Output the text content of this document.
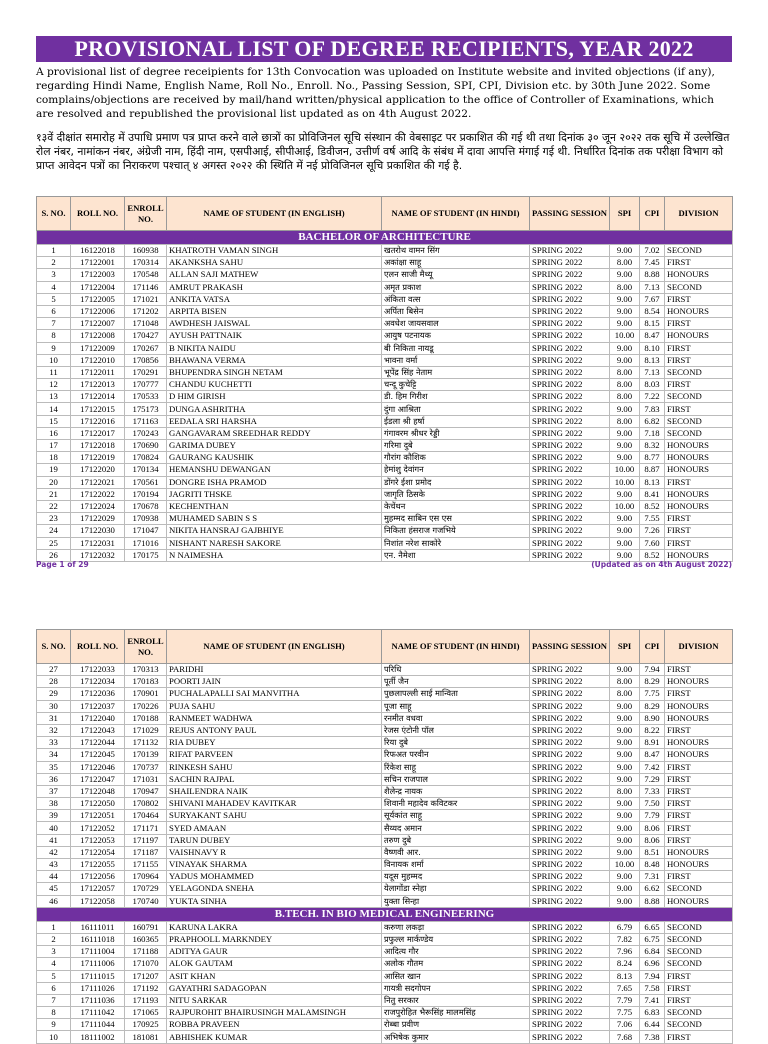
PROVISIONAL LIST OF DEGREE RECIPIENTS, YEAR 2022
A provisional list of degree receipients for 13th Convocation was uploaded on Institute website and invited objections (if any), regarding Hindi Name, English Name, Roll No., Enroll. No., Passing Session, SPI, CPI, Division etc. by 30th June 2022. Some complains/objections are received by mail/hand written/physical application to the office of Controller of Examinations, which are resolved and republished the provisional list updated as on 4th August 2022.
१३वें दीक्षांत समारोह में उपाधि प्रमाण पत्र प्राप्त करने वाले छात्रों का प्रोविजिनल सूचि संस्थान की वेबसाइट पर प्रकाशित की गई थी तथा दिनांक ३० जून २०२२ तक सूचि में उल्लेखित रोल नंबर, नामांकन नंबर, अंग्रेजी नाम, हिंदी नाम, एसपीआई, सीपीआई, डिवीजन, उत्तीर्ण वर्ष आदि के संबंध में दावा आपत्ति मंगाई गई थी. निर्धारित दिनांक तक परीक्षा विभाग को प्राप्त आवेदन पत्रों का निराकरण पश्चात् ४ अगस्त २०२२ की स्थिति में नई प्रोविजिनल सूचि प्रकाशित की गई है.
S. NO.	ROLL NO.	ENROLL NO.	NAME OF STUDENT (IN ENGLISH)	NAME OF STUDENT (IN HINDI)	PASSING SESSION	SPI	CPI	DIVISION
BACHELOR OF ARCHITECTURE								
1	16122018	160938	KHATROTH VAMAN SINGH	खतरोथ वामन सिंग	SPRING 2022	9.00	7.02	SECOND
2	17122001	170314	AKANKSHA SAHU	अकांक्षा साहू	SPRING 2022	8.00	7.45	FIRST
3	17122003	170548	ALLAN SAJI MATHEW	एलन साजी मैथ्यू	SPRING 2022	9.00	8.88	HONOURS
4	17122004	171146	AMRUT PRAKASH	अमृत प्रकाश	SPRING 2022	8.00	7.13	SECOND
5	17122005	171021	ANKITA VATSA	अंकिता वत्स	SPRING 2022	9.00	7.67	FIRST
6	17122006	171202	ARPITA BISEN	अर्पिता बिसेन	SPRING 2022	9.00	8.54	HONOURS
7	17122007	171048	AWDHESH JAISWAL	अवधेश जायसवाल	SPRING 2022	9.00	8.15	FIRST
8	17122008	170427	AYUSH PATTNAIK	आयुष पटनायक	SPRING 2022	10.00	8.47	HONOURS
9	17122009	170267	B NIKITA NAIDU	बी निकिता नायडू	SPRING 2022	9.00	8.10	FIRST
10	17122010	170856	BHAWANA VERMA	भावना वर्मा	SPRING 2022	9.00	8.13	FIRST
11	17122011	170291	BHUPENDRA SINGH NETAM	भूपेंद्र सिंह नेताम	SPRING 2022	8.00	7.13	SECOND
12	17122013	170777	CHANDU KUCHETTI	चन्दू कुचेट्टि	SPRING 2022	8.00	8.03	FIRST
13	17122014	170533	D HIM GIRISH	डी. हिम गिरीश	SPRING 2022	8.00	7.22	SECOND
14	17122015	175173	DUNGA ASHRITHA	दुंगा आश्रिता	SPRING 2022	9.00	7.83	FIRST
15	17122016	171163	EEDALA SRI HARSHA	ईडला श्री हर्षा	SPRING 2022	8.00	6.82	SECOND
16	17122017	170243	GANGAVARAM SREEDHAR REDDY	गंगावरम श्रीधर रेड्डी	SPRING 2022	9.00	7.18	SECOND
17	17122018	170690	GARIMA DUBEY	गरिमा दुबे	SPRING 2022	9.00	8.32	HONOURS
18	17122019	170824	GAURANG KAUSHIK	गौरांग कौशिक	SPRING 2022	9.00	8.77	HONOURS
19	17122020	170134	HEMANSHU DEWANGAN	हेमांशु देवांगन	SPRING 2022	10.00	8.87	HONOURS
20	17122021	170561	DONGRE ISHA PRAMOD	डोंगरे ईशा प्रमोद	SPRING 2022	10.00	8.13	FIRST
21	17122022	170194	JAGRITI THSKE	जागृति ठिसके	SPRING 2022	9.00	8.41	HONOURS
22	17122024	170678	KECHENTHAN	केचेंथन	SPRING 2022	10.00	8.52	HONOURS
23	17122029	170938	MUHAMED SABIN S S	मुहम्मद साबिन एस एस	SPRING 2022	9.00	7.55	FIRST
24	17122030	171047	NIKITA HANSRAJ GAJBHIYE	निकिता हंसराज गजभिये	SPRING 2022	9.00	7.26	FIRST
25	17122031	171016	NISHANT NARESH SAKORE	निशांत नरेश साकोरे	SPRING 2022	9.00	7.60	FIRST
26	17122032	170175	N NAIMESHA	एन. नैमेशा	SPRING 2022	9.00	8.52	HONOURS
Page 1 of 29	(Updated as on 4th August 2022)
S. NO.	ROLL NO.	ENROLL NO.	NAME OF STUDENT (IN ENGLISH)	NAME OF STUDENT (IN HINDI)	PASSING SESSION	SPI	CPI	DIVISION
27	17122033	170313	PARIDHI	परिधि	SPRING 2022	9.00	7.94	FIRST
28	17122034	170183	POORTI JAIN	पूर्ती जैन	SPRING 2022	8.00	8.29	HONOURS
29	17122036	170901	PUCHALAPALLI SAI MANVITHA	पुछलापल्ली साई मान्विता	SPRING 2022	8.00	7.75	FIRST
30	17122037	170226	PUJA SAHU	पूजा साहू	SPRING 2022	9.00	8.29	HONOURS
31	17122040	170188	RANMEET WADHWA	रनमीत वधवा	SPRING 2022	9.00	8.90	HONOURS
32	17122043	171029	REJUS ANTONY PAUL	रेजस एंटोनी पॉल	SPRING 2022	9.00	8.22	FIRST
33	17122044	171132	RIA DUBEY	रिया दुबे	SPRING 2022	9.00	8.91	HONOURS
34	17122045	170139	RIFAT PARVEEN	रिफअत परवीन	SPRING 2022	9.00	8.47	HONOURS
35	17122046	170737	RINKESH SAHU	रिंकेश साहू	SPRING 2022	9.00	7.42	FIRST
36	17122047	171031	SACHIN RAJPAL	सचिन राजपाल	SPRING 2022	9.00	7.29	FIRST
37	17122048	170947	SHAILENDRA NAIK	शैलेन्द्र नायक	SPRING 2022	8.00	7.33	FIRST
38	17122050	170802	SHIVANI MAHADEV KAVITKAR	शिवानी महादेव कविटकर	SPRING 2022	9.00	7.50	FIRST
39	17122051	170464	SURYAKANT SAHU	सूर्यकांत साहू	SPRING 2022	9.00	7.79	FIRST
40	17122052	171171	SYED AMAAN	सैय्यद अमान	SPRING 2022	9.00	8.06	FIRST
41	17122053	171197	TARUN DUBEY	तरुण दुबे	SPRING 2022	9.00	8.06	FIRST
42	17122054	171187	VAISHNAVY R	वैष्णवी आर.	SPRING 2022	9.00	8.51	HONOURS
43	17122055	171155	VINAYAK SHARMA	विनायक शर्मा	SPRING 2022	10.00	8.48	HONOURS
44	17122056	170964	YADUS MOHAMMED	यदूस मुहम्मद	SPRING 2022	9.00	7.31	FIRST
45	17122057	170729	YELAGONDA SNEHA	येलागोंडा स्नेहा	SPRING 2022	9.00	6.62	SECOND
46	17122058	170740	YUKTA SINHA	युक्ता सिन्हा	SPRING 2022	9.00	8.88	HONOURS
B.TECH. IN BIO MEDICAL ENGINEERING								
1	16111011	160791	KARUNA LAKRA	करुणा लकड़ा	SPRING 2022	6.79	6.65	SECOND
2	16111018	160365	PRAPHOOLL MARKNDEY	प्रफुल्ल मार्कण्डेय	SPRING 2022	7.82	6.75	SECOND
3	17111004	171188	ADITYA GAUR	आदित्य गौर	SPRING 2022	7.96	6.84	SECOND
4	17111006	171070	ALOK GAUTAM	अलोक गौतम	SPRING 2022	8.24	6.96	SECOND
5	17111015	171207	ASIT KHAN	आसित खान	SPRING 2022	8.13	7.94	FIRST
6	17111026	171192	GAYATHRI SADAGOPAN	गायत्री सदगोपन	SPRING 2022	7.65	7.58	FIRST
7	17111036	171193	NITU SARKAR	नितु सरकार	SPRING 2022	7.79	7.41	FIRST
8	17111042	171065	RAJPUROHIT BHAIRUSINGH MALAMSINGH	राजपुरोहित भैरूसिंह मालमसिंह	SPRING 2022	7.75	6.83	SECOND
9	17111044	170925	ROBBA PRAVEEN	रोब्बा प्रवीण	SPRING 2022	7.06	6.44	SECOND
10	18111002	181081	ABHISHEK KUMAR	अभिषेक कुमार	SPRING 2022	7.68	7.38	FIRST
